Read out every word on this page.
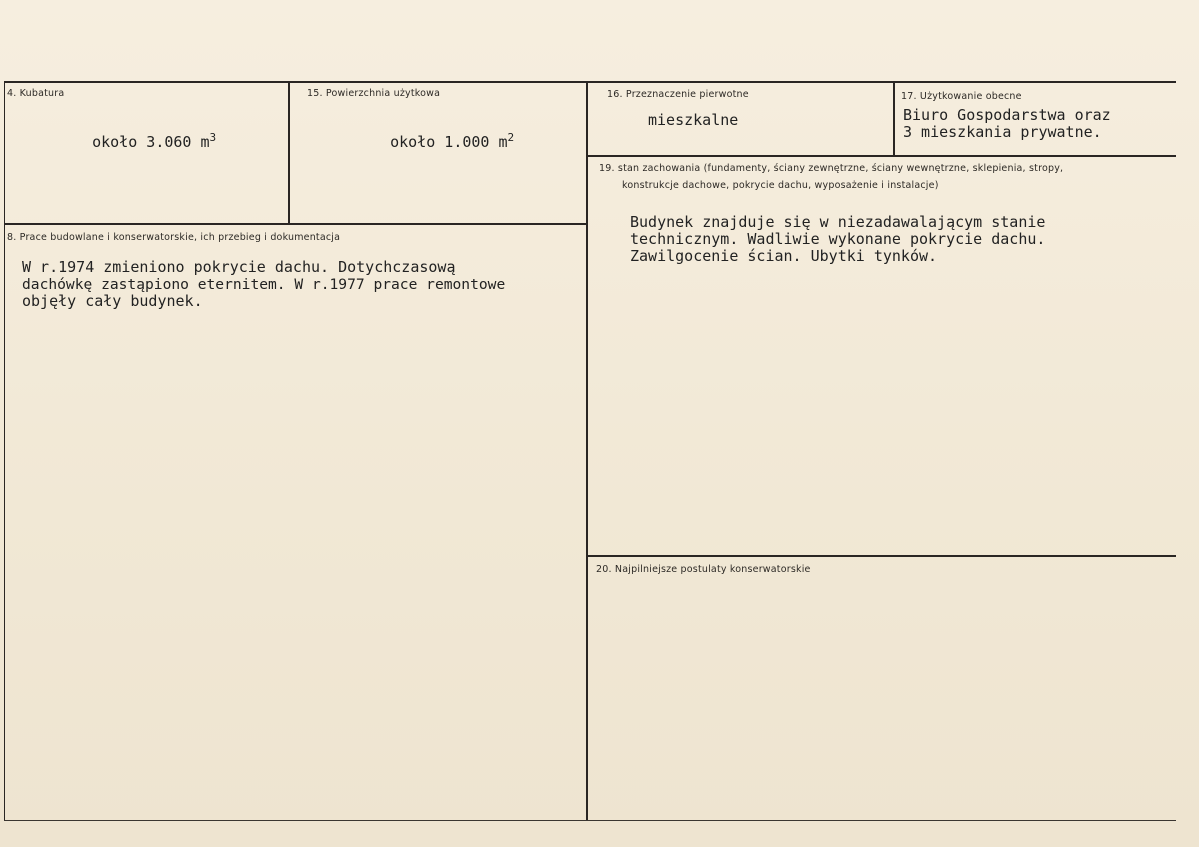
4. Kubatura

około 3.060 $m^3$

15. Powierzchnia użytkowa

około 1.000 $m^2$

16. Przeznaczenie pierwotne
mieszkalne
17. Użytkowanie obecne
Biuro Gospodarstwa oraz
3 mieszkania prywatne.
19. stan zachowania (fundamenty, ściany zewnętrzne, ściany wewnętrzne, sklepienia, stropy,
konstrukcje dachowe, pokrycie dachu, wyposażenie i instalacje)
Budynek znajduje się w niezadawalającym stanie
technicznym. Wadliwie wykonane pokrycie dachu.
Zawilgocenie ścian. Ubytki tynków.
8. Prace budowlane i konserwatorskie, ich przebieg i dokumentacja
W r.1974 zmieniono pokrycie dachu. Dotychczasową
dachówkę zastąpiono eternitem. W r.1977 prace remontowe
objęły cały budynek.
20. Najpilniejsze postulaty konserwatorskie
